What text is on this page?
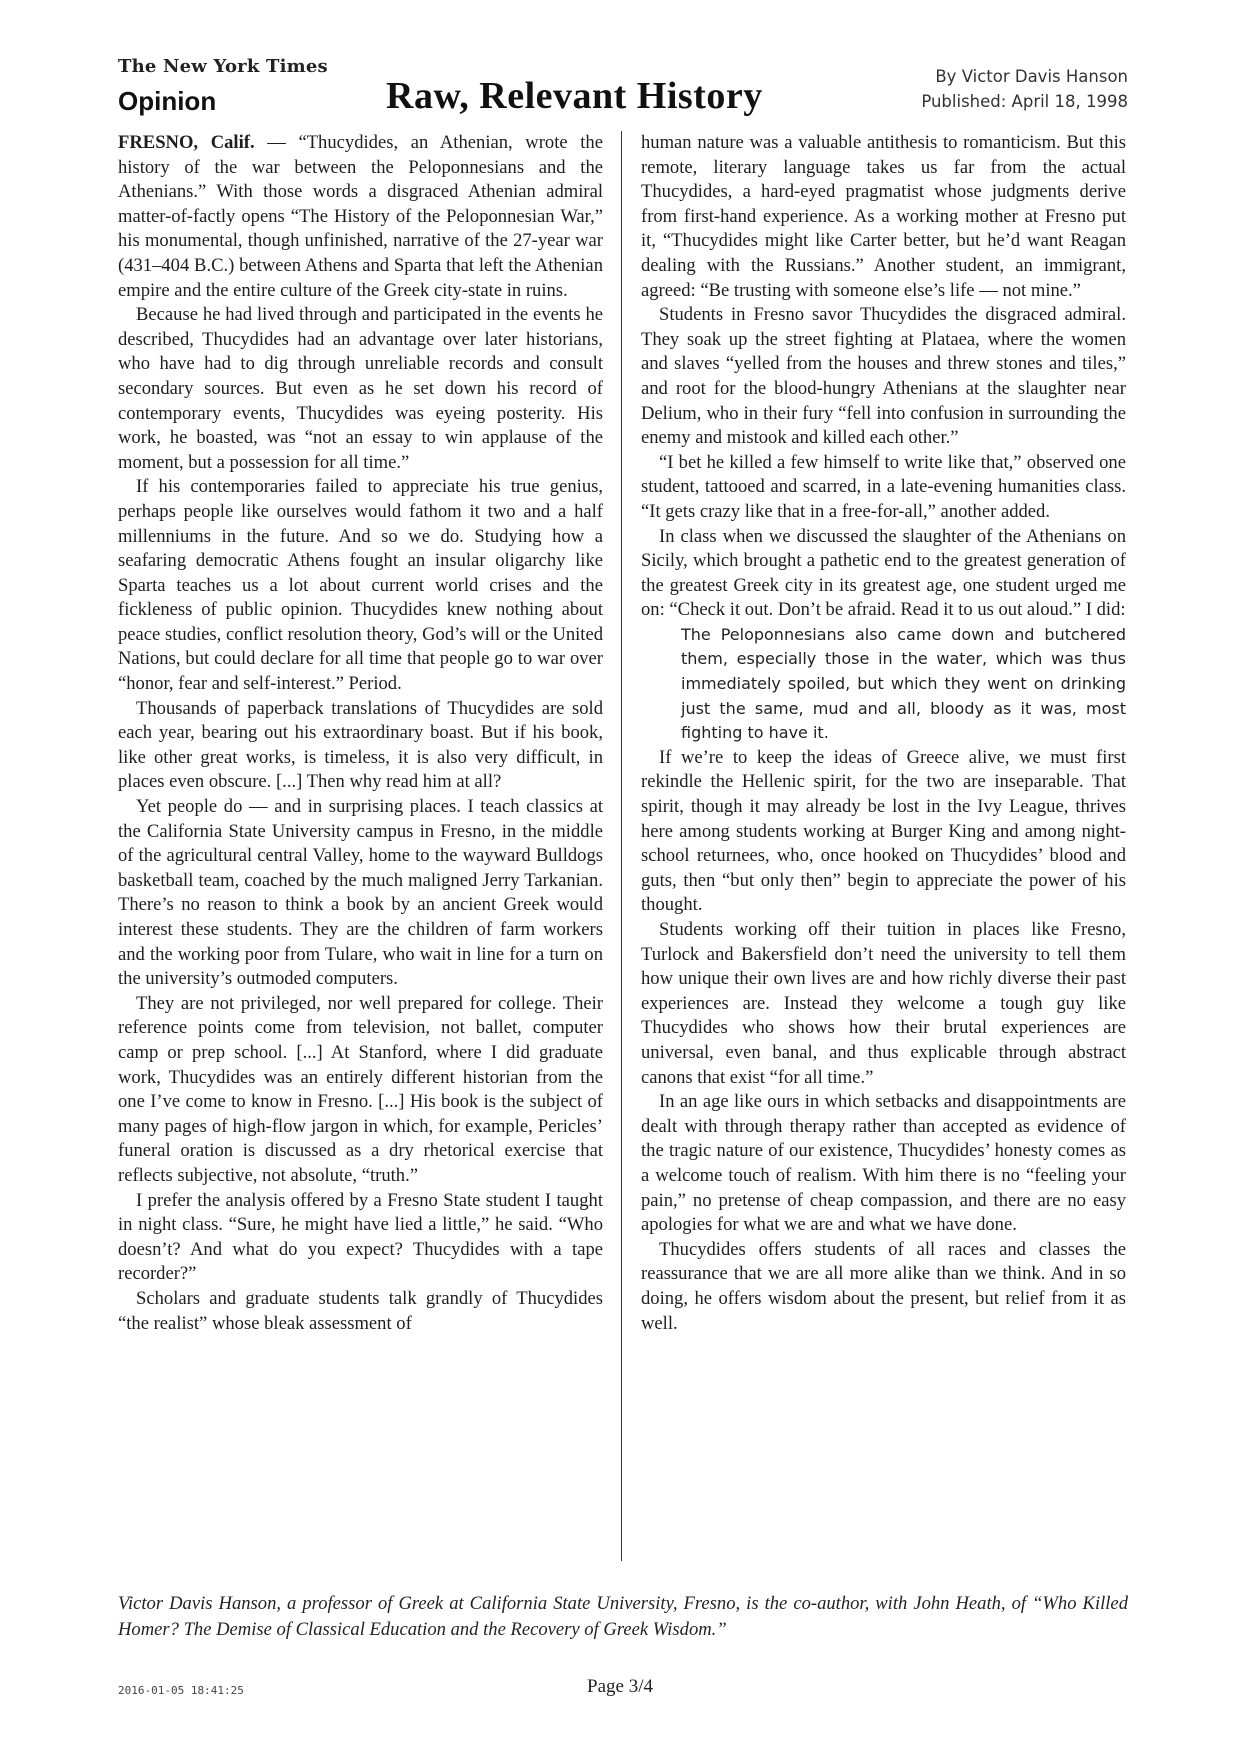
The New York Times
Opinion	Raw, Relevant History	By Victor Davis Hanson
Published: April 18, 1998

FRESNO, Calif. — “Thucydides, an Athenian, wrote the history of the war between the Peloponnesians and the Athenians.” With those words a disgraced Athenian admiral matter-of-factly opens “The History of the Peloponnesian War,” his monumental, though unfinished, narrative of the 27-year war (431–404 B.C.) between Athens and Sparta that left the Athenian empire and the entire culture of the Greek city-state in ruins.

Because he had lived through and participated in the events he described, Thucydides had an advantage over later historians, who have had to dig through unreliable records and consult secondary sources. But even as he set down his record of contemporary events, Thucydides was eyeing posterity. His work, he boasted, was “not an essay to win applause of the moment, but a possession for all time.”

If his contemporaries failed to appreciate his true genius, perhaps people like ourselves would fathom it two and a half millenniums in the future. And so we do. Studying how a seafaring democratic Athens fought an insular oligarchy like Sparta teaches us a lot about current world crises and the fickleness of public opinion. Thucydides knew nothing about peace studies, conflict resolution theory, God’s will or the United Nations, but could declare for all time that people go to war over “honor, fear and self-interest.” Period.

Thousands of paperback translations of Thucydides are sold each year, bearing out his extraordinary boast. But if his book, like other great works, is timeless, it is also very difficult, in places even obscure. [...] Then why read him at all?

Yet people do — and in surprising places. I teach classics at the California State University campus in Fresno, in the middle of the agricultural central Valley, home to the wayward Bulldogs basketball team, coached by the much maligned Jerry Tarkanian. There’s no reason to think a book by an ancient Greek would interest these students. They are the children of farm workers and the working poor from Tulare, who wait in line for a turn on the university’s outmoded computers.

They are not privileged, nor well prepared for college. Their reference points come from television, not ballet, computer camp or prep school. [...] At Stanford, where I did graduate work, Thucydides was an entirely different historian from the one I’ve come to know in Fresno. [...] His book is the subject of many pages of high-flow jargon in which, for example, Pericles’ funeral oration is discussed as a dry rhetorical exercise that reflects subjective, not absolute, “truth.”

I prefer the analysis offered by a Fresno State student I taught in night class. “Sure, he might have lied a little,” he said. “Who doesn’t? And what do you expect? Thucydides with a tape recorder?”

Scholars and graduate students talk grandly of Thucydides “the realist” whose bleak assessment of

human nature was a valuable antithesis to romanticism. But this remote, literary language takes us far from the actual Thucydides, a hard-eyed pragmatist whose judgments derive from first-hand experience. As a working mother at Fresno put it, “Thucydides might like Carter better, but he’d want Reagan dealing with the Russians.” Another student, an immigrant, agreed: “Be trusting with someone else’s life — not mine.”

Students in Fresno savor Thucydides the disgraced admiral. They soak up the street fighting at Plataea, where the women and slaves “yelled from the houses and threw stones and tiles,” and root for the blood-hungry Athenians at the slaughter near Delium, who in their fury “fell into confusion in surrounding the enemy and mistook and killed each other.”

“I bet he killed a few himself to write like that,” observed one student, tattooed and scarred, in a late-evening humanities class. “It gets crazy like that in a free-for-all,” another added.

In class when we discussed the slaughter of the Athenians on Sicily, which brought a pathetic end to the greatest generation of the greatest Greek city in its greatest age, one student urged me on: “Check it out. Don’t be afraid. Read it to us out aloud.” I did:

The Peloponnesians also came down and butchered them, especially those in the water, which was thus immediately spoiled, but which they went on drinking just the same, mud and all, bloody as it was, most fighting to have it.

If we’re to keep the ideas of Greece alive, we must first rekindle the Hellenic spirit, for the two are inseparable. That spirit, though it may already be lost in the Ivy League, thrives here among students working at Burger King and among night-school returnees, who, once hooked on Thucydides’ blood and guts, then “but only then” begin to appreciate the power of his thought.

Students working off their tuition in places like Fresno, Turlock and Bakersfield don’t need the university to tell them how unique their own lives are and how richly diverse their past experiences are. Instead they welcome a tough guy like Thucydides who shows how their brutal experiences are universal, even banal, and thus explicable through abstract canons that exist “for all time.”

In an age like ours in which setbacks and disappointments are dealt with through therapy rather than accepted as evidence of the tragic nature of our existence, Thucydides’ honesty comes as a welcome touch of realism. With him there is no “feeling your pain,” no pretense of cheap compassion, and there are no easy apologies for what we are and what we have done.

Thucydides offers students of all races and classes the reassurance that we are all more alike than we think. And in so doing, he offers wisdom about the present, but relief from it as well.

Victor Davis Hanson, a professor of Greek at California State University, Fresno, is the co-author, with John Heath, of “Who Killed Homer? The Demise of Classical Education and the Recovery of Greek Wisdom.”
2016-01-05 18:41:25	Page 3/4
